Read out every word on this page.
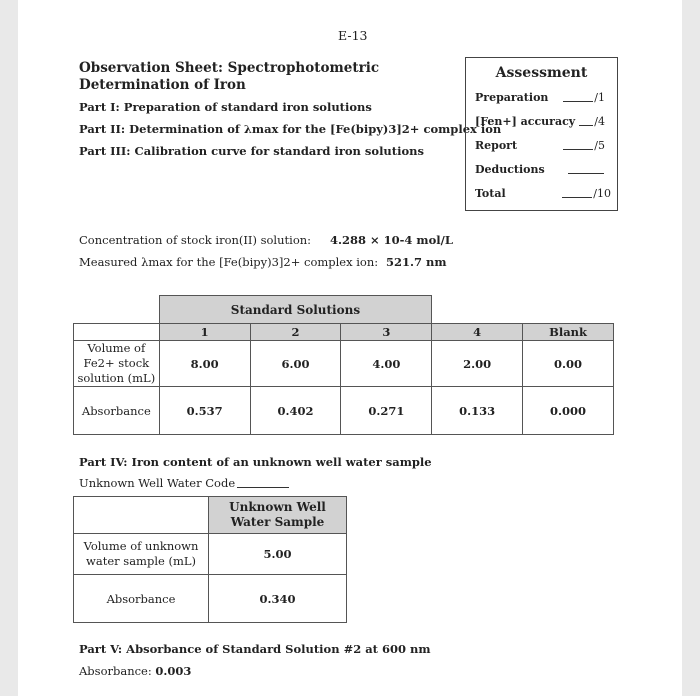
E-13
Observation Sheet: Spectrophotometric Determination of Iron
Part I: Preparation of standard iron solutions
Part II: Determination of λmax for the [Fe(bipy)3]2+ complex ion
Part III: Calibration curve for standard iron solutions
Assessment
Preparation	/1
[Fen+] accuracy	/4
Report	/5
Deductions
Total	/10
Concentration of stock iron(II) solution: 4.288 × 10-4 mol/L
Measured λmax for the [Fe(bipy)3]2+ complex ion: 521.7 nm
	Standard Solutions				
	1	2	3	4	Blank
Volume of Fe2+ stock solution (mL)	8.00	6.00	4.00	2.00	0.00
Absorbance	0.537	0.402	0.271	0.133	0.000
Part IV: Iron content of an unknown well water sample
Unknown Well Water Code
	Unknown Well Water Sample
Volume of unknown water sample (mL)	5.00
Absorbance	0.340
Part V: Absorbance of Standard Solution #2 at 600 nm
Absorbance: 0.003
